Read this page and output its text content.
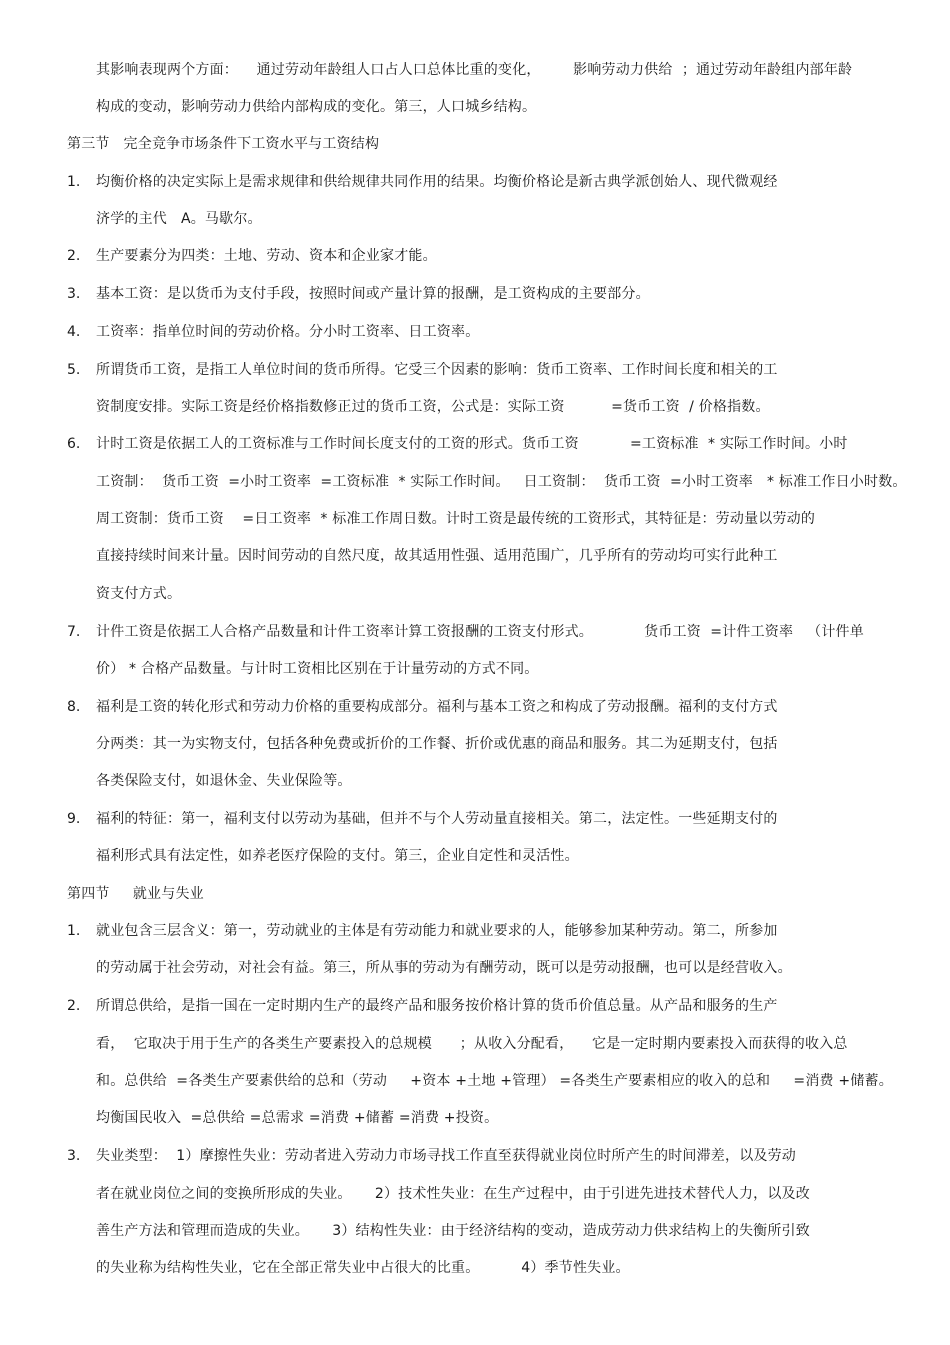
其影响表现两个方面：    通过劳动年龄组人口占人口总体比重的变化，       影响劳动力供给  ；通过劳动年龄组内部年龄
构成的变动，影响劳动力供给内部构成的变化。第三，人口城乡结构。
第三节   完全竞争市场条件下工资水平与工资结构
1. 均衡价格的决定实际上是需求规律和供给规律共同作用的结果。均衡价格论是新古典学派创始人、现代微观经
济学的主代   A。马歇尔。
2. 生产要素分为四类：土地、劳动、资本和企业家才能。
3. 基本工资：是以货币为支付手段，按照时间或产量计算的报酬，是工资构成的主要部分。
4. 工资率：指单位时间的劳动价格。分小时工资率、日工资率。
5. 所谓货币工资，是指工人单位时间的货币所得。它受三个因素的影响：货币工资率、工作时间长度和相关的工
资制度安排。实际工资是经价格指数修正过的货币工资，公式是：实际工资          =货币工资  / 价格指数。
6. 计时工资是依据工人的工资标准与工作时间长度支付的工资的形式。货币工资           =工资标准  * 实际工作时间。小时
工资制：  货币工资  =小时工资率  =工资标准  * 实际工作时间。   日工资制：  货币工资  =小时工资率   * 标准工作日小时数。
周工资制：货币工资    =日工资率  * 标准工作周日数。计时工资是最传统的工资形式，其特征是：劳动量以劳动的
直接持续时间来计量。因时间劳动的自然尺度，故其适用性强、适用范围广，几乎所有的劳动均可实行此种工
资支付方式。
7. 计件工资是依据工人合格产品数量和计件工资率计算工资报酬的工资支付形式。           货币工资  =计件工资率   （计件单
价） * 合格产品数量。与计时工资相比区别在于计量劳动的方式不同。
8. 福利是工资的转化形式和劳动力价格的重要构成部分。福利与基本工资之和构成了劳动报酬。福利的支付方式
分两类：其一为实物支付，包括各种免费或折价的工作餐、折价或优惠的商品和服务。其二为延期支付，包括
各类保险支付，如退休金、失业保险等。
9. 福利的特征：第一，福利支付以劳动为基础，但并不与个人劳动量直接相关。第二，法定性。一些延期支付的
福利形式具有法定性，如养老医疗保险的支付。第三，企业自定性和灵活性。
第四节     就业与失业
1. 就业包含三层含义：第一，劳动就业的主体是有劳动能力和就业要求的人，能够参加某种劳动。第二，所参加
的劳动属于社会劳动，对社会有益。第三，所从事的劳动为有酬劳动，既可以是劳动报酬，也可以是经营收入。
2. 所谓总供给，是指一国在一定时期内生产的最终产品和服务按价格计算的货币价值总量。从产品和服务的生产
看，  它取决于用于生产的各类生产要素投入的总规模      ；从收入分配看，    它是一定时期内要素投入而获得的收入总
和。总供给  =各类生产要素供给的总和（劳动     +资本 +土地 +管理） =各类生产要素相应的收入的总和     =消费 +储蓄。
均衡国民收入  =总供给 =总需求 =消费 +储蓄 =消费 +投资。
3. 失业类型：  1）摩擦性失业：劳动者进入劳动力市场寻找工作直至获得就业岗位时所产生的时间滞差，以及劳动
者在就业岗位之间的变换所形成的失业。     2）技术性失业：在生产过程中，由于引进先进技术替代人力，以及改
善生产方法和管理而造成的失业。     3）结构性失业：由于经济结构的变动，造成劳动力供求结构上的失衡所引致
的失业称为结构性失业，它在全部正常失业中占很大的比重。         4）季节性失业。
